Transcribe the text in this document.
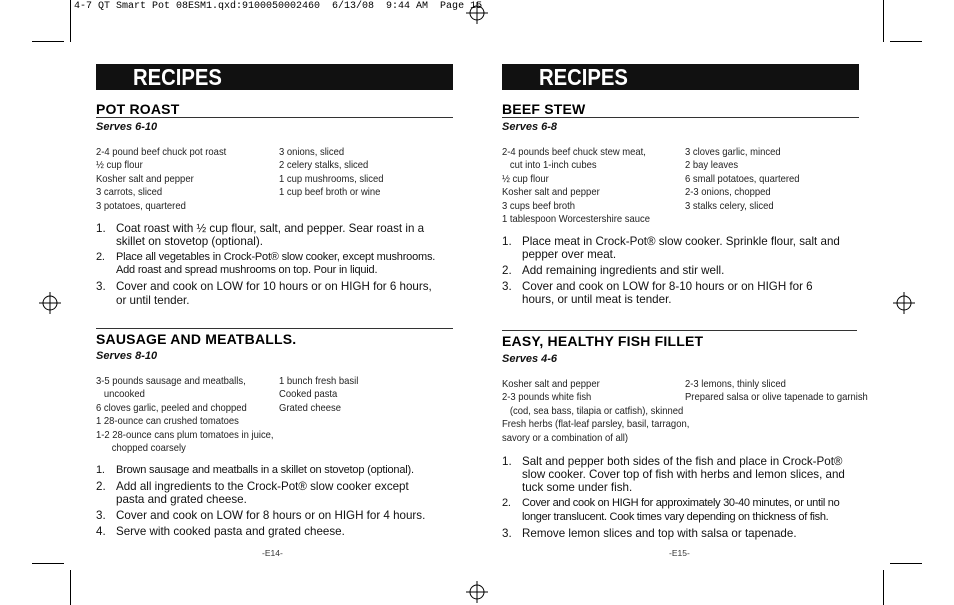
4-7 QT Smart Pot 08ESM1.qxd:9100050002460  6/13/08  9:44 AM  Page 15
RECIPES
POT ROAST
Serves 6-10
2-4 pound beef chuck pot roast
½ cup flour
Kosher salt and pepper
3 carrots, sliced
3 potatoes, quartered
3 onions, sliced
2 celery stalks, sliced
1 cup mushrooms, sliced
1 cup beef broth or wine
1. Coat roast with ½ cup flour, salt, and pepper. Sear roast in a skillet on stovetop (optional).
2. Place all vegetables in Crock-Pot® slow cooker, except mushrooms. Add roast and spread mushrooms on top. Pour in liquid.
3. Cover and cook on LOW for 10 hours or on HIGH for 6 hours, or until tender.
SAUSAGE AND MEATBALLS.
Serves 8-10
3-5 pounds sausage and meatballs,
uncooked
6 cloves garlic, peeled and chopped
1 28-ounce can crushed tomatoes
1-2 28-ounce cans plum tomatoes in juice,
chopped coarsely
1 bunch fresh basil
Cooked pasta
Grated cheese
1. Brown sausage and meatballs in a skillet on stovetop (optional).
2. Add all ingredients to the Crock-Pot® slow cooker except pasta and grated cheese.
3. Cover and cook on LOW for 8 hours or on HIGH for 4 hours.
4. Serve with cooked pasta and grated cheese.
-E14-
RECIPES
BEEF STEW
Serves 6-8
2-4 pounds beef chuck stew meat,
cut into 1-inch cubes
½ cup flour
Kosher salt and pepper
3 cups beef broth
1 tablespoon Worcestershire sauce
3 cloves garlic, minced
2 bay leaves
6 small potatoes, quartered
2-3 onions, chopped
3 stalks celery, sliced
1. Place meat in Crock-Pot® slow cooker. Sprinkle flour, salt and pepper over meat.
2. Add remaining ingredients and stir well.
3. Cover and cook on LOW for 8-10 hours or on HIGH for 6 hours, or until meat is tender.
EASY, HEALTHY FISH FILLET
Serves 4-6
Kosher salt and pepper
2-3 pounds white fish
(cod, sea bass, tilapia or catfish), skinned
Fresh herbs (flat-leaf parsley, basil, tarragon,
savory or a combination of all)
2-3 lemons, thinly sliced
Prepared salsa or olive tapenade to garnish
1. Salt and pepper both sides of the fish and place in Crock-Pot® slow cooker. Cover top of fish with herbs and lemon slices, and tuck some under fish.
2. Cover and cook on HIGH for approximately 30-40 minutes, or until no longer translucent. Cook times vary depending on thickness of fish.
3. Remove lemon slices and top with salsa or tapenade.
-E15-
